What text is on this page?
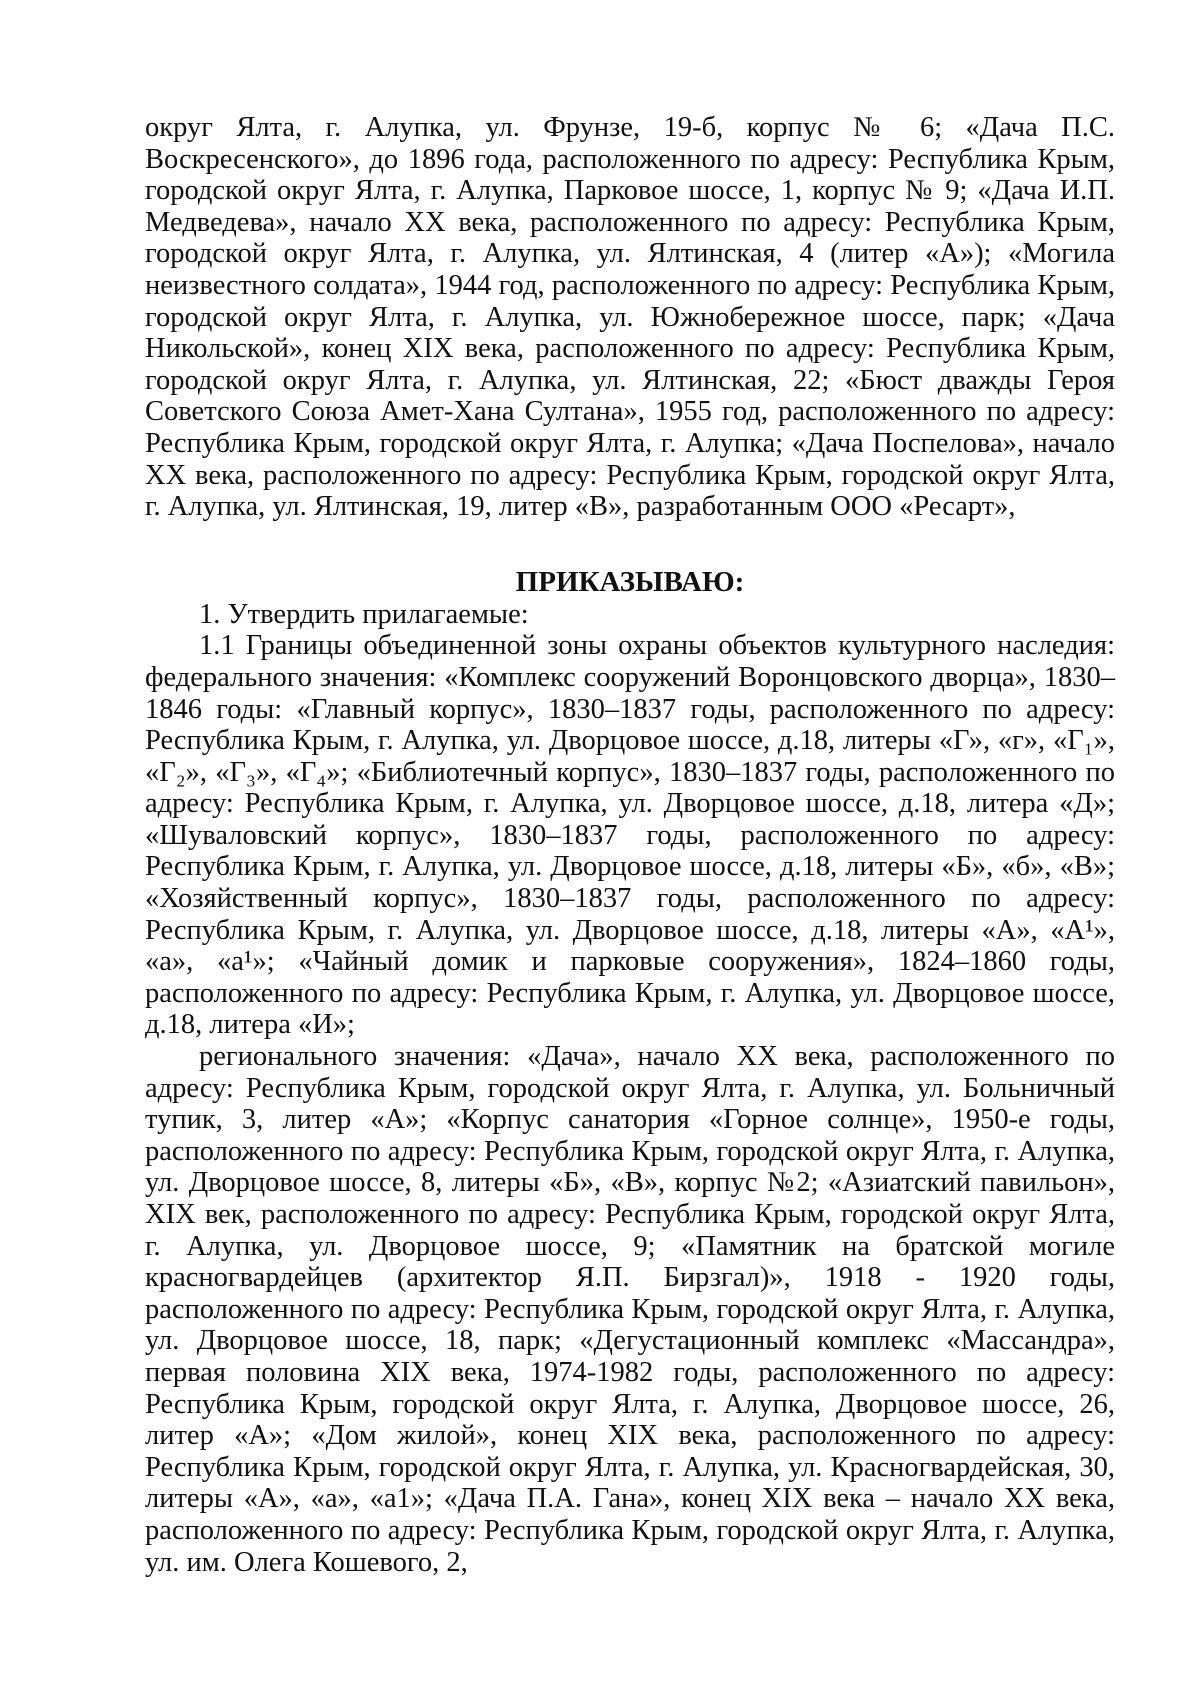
округ Ялта, г. Алупка, ул. Фрунзе, 19-б, корпус № 6; «Дача П.С. Воскресенского», до 1896 года, расположенного по адресу: Республика Крым, городской округ Ялта, г. Алупка, Парковое шоссе, 1, корпус № 9; «Дача И.П. Медведева», начало XX века, расположенного по адресу: Республика Крым, городской округ Ялта, г. Алупка, ул. Ялтинская, 4 (литер «А»); «Могила неизвестного солдата», 1944 год, расположенного по адресу: Республика Крым, городской округ Ялта, г. Алупка, ул. Южнобережное шоссе, парк; «Дача Никольской», конец XIX века, расположенного по адресу: Республика Крым, городской округ Ялта, г. Алупка, ул. Ялтинская, 22; «Бюст дважды Героя Советского Союза Амет-Хана Султана», 1955 год, расположенного по адресу: Республика Крым, городской округ Ялта, г. Алупка; «Дача Поспелова», начало XX века, расположенного по адресу: Республика Крым, городской округ Ялта, г. Алупка, ул. Ялтинская, 19, литер «В», разработанным ООО «Ресарт»,

ПРИКАЗЫВАЮ:

1. Утвердить прилагаемые:

1.1 Границы объединенной зоны охраны объектов культурного наследия: федерального значения: «Комплекс сооружений Воронцовского дворца», 1830–1846 годы: «Главный корпус», 1830–1837 годы, расположенного по адресу: Республика Крым, г. Алупка, ул. Дворцовое шоссе, д.18, литеры «Г», «г», «Г₁», «Г₂», «Г₃», «Г₄»; «Библиотечный корпус», 1830–1837 годы, расположенного по адресу: Республика Крым, г. Алупка, ул. Дворцовое шоссе, д.18, литера «Д»; «Шуваловский корпус», 1830–1837 годы, расположенного по адресу: Республика Крым, г. Алупка, ул. Дворцовое шоссе, д.18, литеры «Б», «б», «В»; «Хозяйственный корпус», 1830–1837 годы, расположенного по адресу: Республика Крым, г. Алупка, ул. Дворцовое шоссе, д.18, литеры «А», «А¹», «а», «а¹»; «Чайный домик и парковые сооружения», 1824–1860 годы, расположенного по адресу: Республика Крым, г. Алупка, ул. Дворцовое шоссе, д.18, литера «И»;

регионального значения: «Дача», начало XX века, расположенного по адресу: Республика Крым, городской округ Ялта, г. Алупка, ул. Больничный тупик, 3, литер «А»; «Корпус санатория «Горное солнце», 1950-е годы, расположенного по адресу: Республика Крым, городской округ Ялта, г. Алупка, ул. Дворцовое шоссе, 8, литеры «Б», «В», корпус №2; «Азиатский павильон», XIX век, расположенного по адресу: Республика Крым, городской округ Ялта, г. Алупка, ул. Дворцовое шоссе, 9; «Памятник на братской могиле красногвардейцев (архитектор Я.П. Бирзгал)», 1918 - 1920 годы, расположенного по адресу: Республика Крым, городской округ Ялта, г. Алупка, ул. Дворцовое шоссе, 18, парк; «Дегустационный комплекс «Массандра», первая половина XIX века, 1974-1982 годы, расположенного по адресу: Республика Крым, городской округ Ялта, г. Алупка, Дворцовое шоссе, 26, литер «А»; «Дом жилой», конец XIX века, расположенного по адресу: Республика Крым, городской округ Ялта, г. Алупка, ул. Красногвардейская, 30, литеры «А», «а», «а1»; «Дача П.А. Гана», конец XIX века – начало XX века, расположенного по адресу: Республика Крым, городской округ Ялта, г. Алупка, ул. им. Олега Кошевого, 2,
